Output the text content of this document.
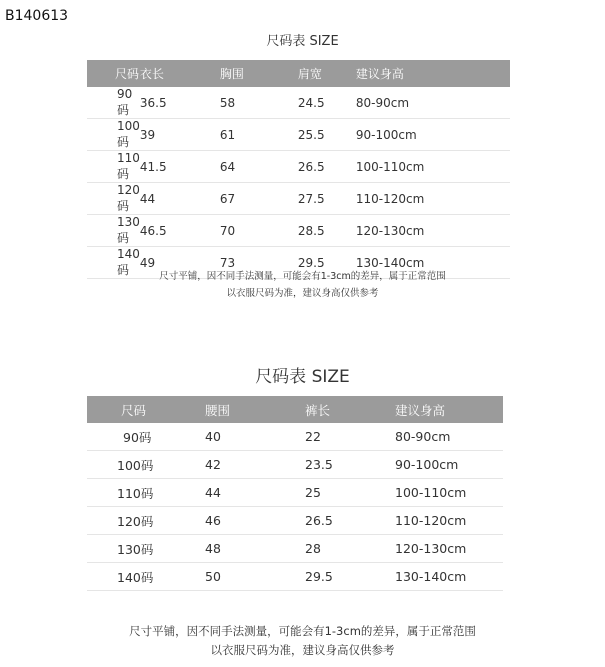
B140613
尺码表 SIZE
尺码	衣长	胸围	肩宽	建议身高
90码	36.5	58	24.5	80-90cm
100码	39	61	25.5	90-100cm
110码	41.5	64	26.5	100-110cm
120码	44	67	27.5	110-120cm
130码	46.5	70	28.5	120-130cm
140码	49	73	29.5	130-140cm
尺寸平铺，因不同手法测量，可能会有1-3cm的差异，属于正常范围
以衣服尺码为准，建议身高仅供参考
尺码表 SIZE
尺码	腰围	裤长	建议身高
90码	40	22	80-90cm
100码	42	23.5	90-100cm
110码	44	25	100-110cm
120码	46	26.5	110-120cm
130码	48	28	120-130cm
140码	50	29.5	130-140cm
尺寸平铺，因不同手法测量，可能会有1-3cm的差异，属于正常范围
以衣服尺码为准，建议身高仅供参考
